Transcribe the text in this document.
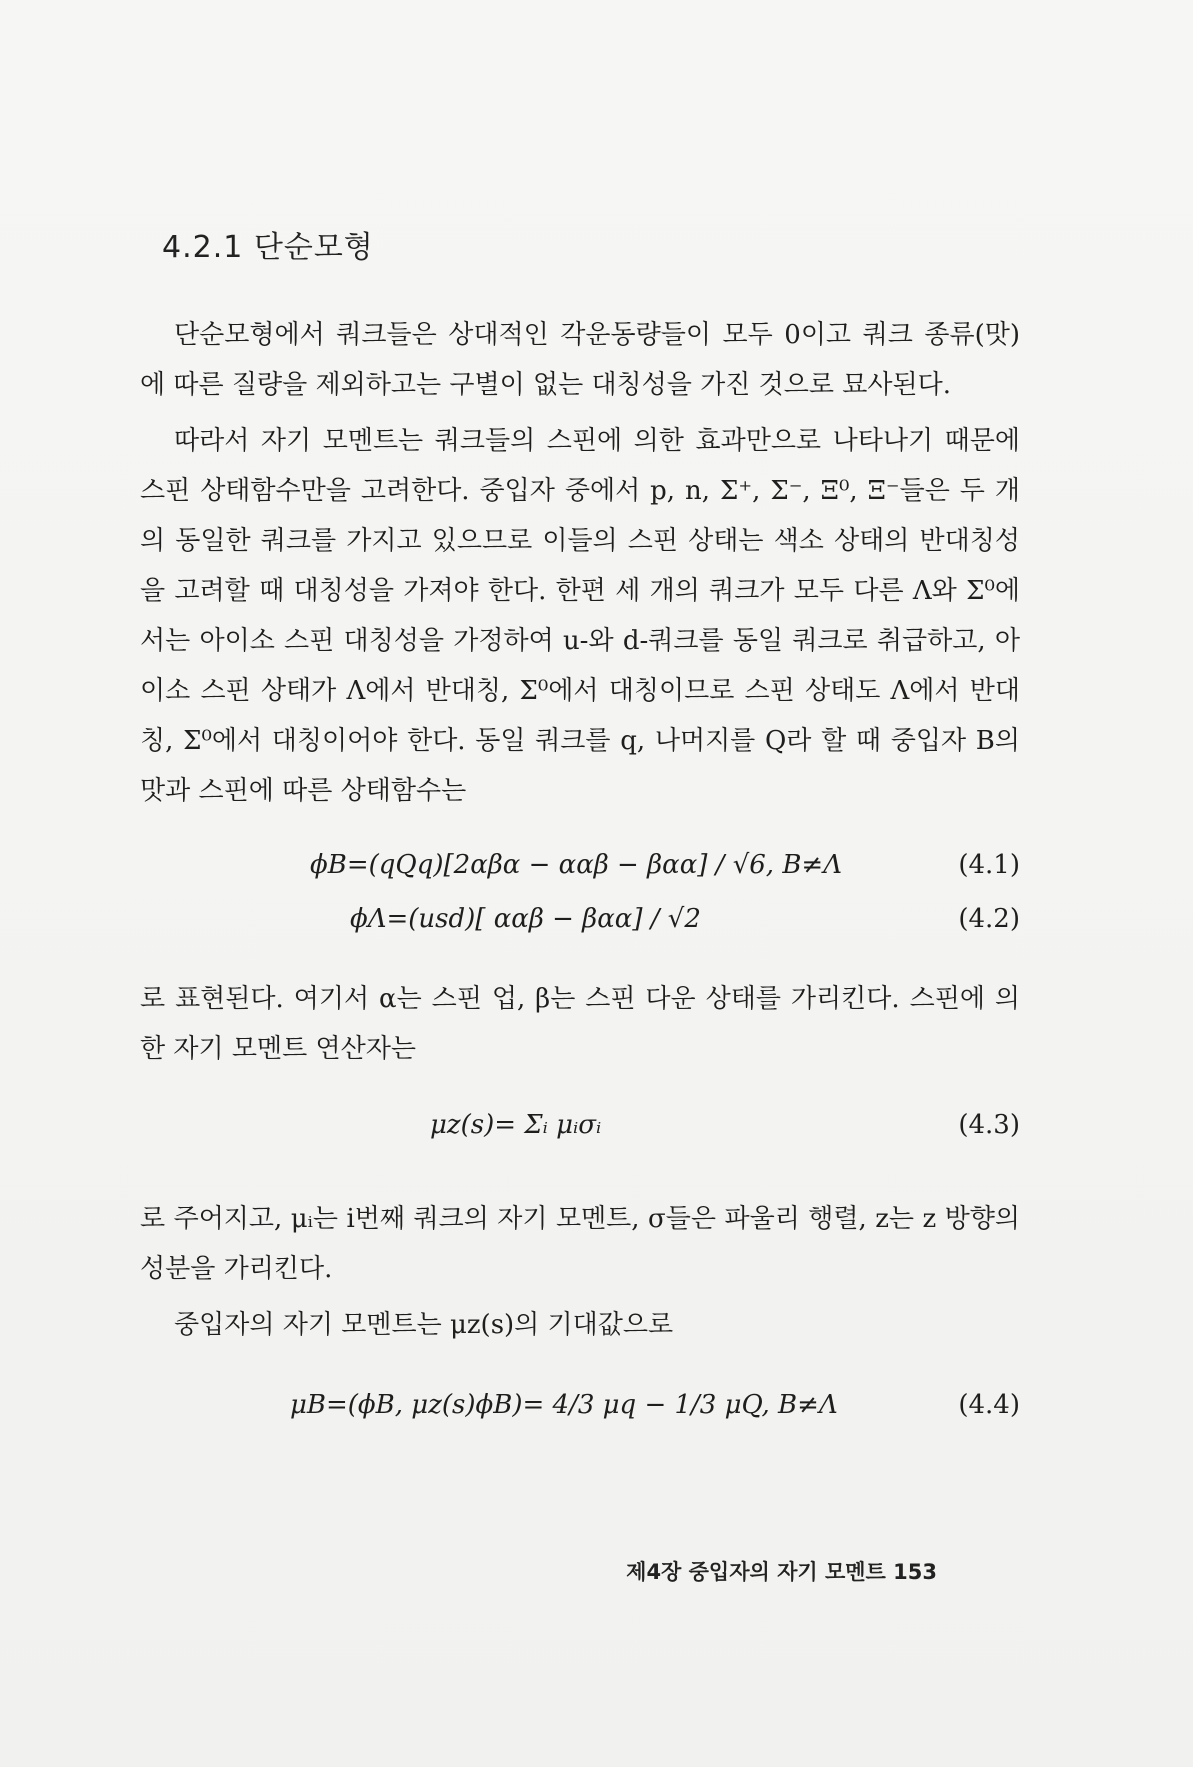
4.2.1 단순모형

단순모형에서 쿼크들은 상대적인 각운동량들이 모두 0이고 쿼크 종류(맛)에 따른 질량을 제외하고는 구별이 없는 대칭성을 가진 것으로 묘사된다.

따라서 자기 모멘트는 쿼크들의 스핀에 의한 효과만으로 나타나기 때문에 스핀 상태함수만을 고려한다. 중입자 중에서 p, n, Σ⁺, Σ⁻, Ξ⁰, Ξ⁻들은 두 개의 동일한 쿼크를 가지고 있으므로 이들의 스핀 상태는 색소 상태의 반대칭성을 고려할 때 대칭성을 가져야 한다. 한편 세 개의 쿼크가 모두 다른 Λ와 Σ⁰에서는 아이소 스핀 대칭성을 가정하여 u-와 d-쿼크를 동일 쿼크로 취급하고, 아이소 스핀 상태가 Λ에서 반대칭, Σ⁰에서 대칭이므로 스핀 상태도 Λ에서 반대칭, Σ⁰에서 대칭이어야 한다. 동일 쿼크를 q, 나머지를 Q라 할 때 중입자 B의 맛과 스핀에 따른 상태함수는

ϕB=(qQq)[2αβα − ααβ − βαα] / √6, B≠Λ	(4.1)
ϕΛ=(usd)[ ααβ − βαα] / √2	(4.2)

로 표현된다. 여기서 α는 스핀 업, β는 스핀 다운 상태를 가리킨다. 스핀에 의한 자기 모멘트 연산자는

μz(s)= Σᵢ μᵢσᵢ	(4.3)

로 주어지고, μᵢ는 i번째 쿼크의 자기 모멘트, σ들은 파울리 행렬, z는 z 방향의 성분을 가리킨다.

중입자의 자기 모멘트는 μz(s)의 기대값으로

μB=(ϕB, μz(s)ϕB)= 4/3 μq − 1/3 μQ, B≠Λ	(4.4)
제4장 중입자의 자기 모멘트 153
